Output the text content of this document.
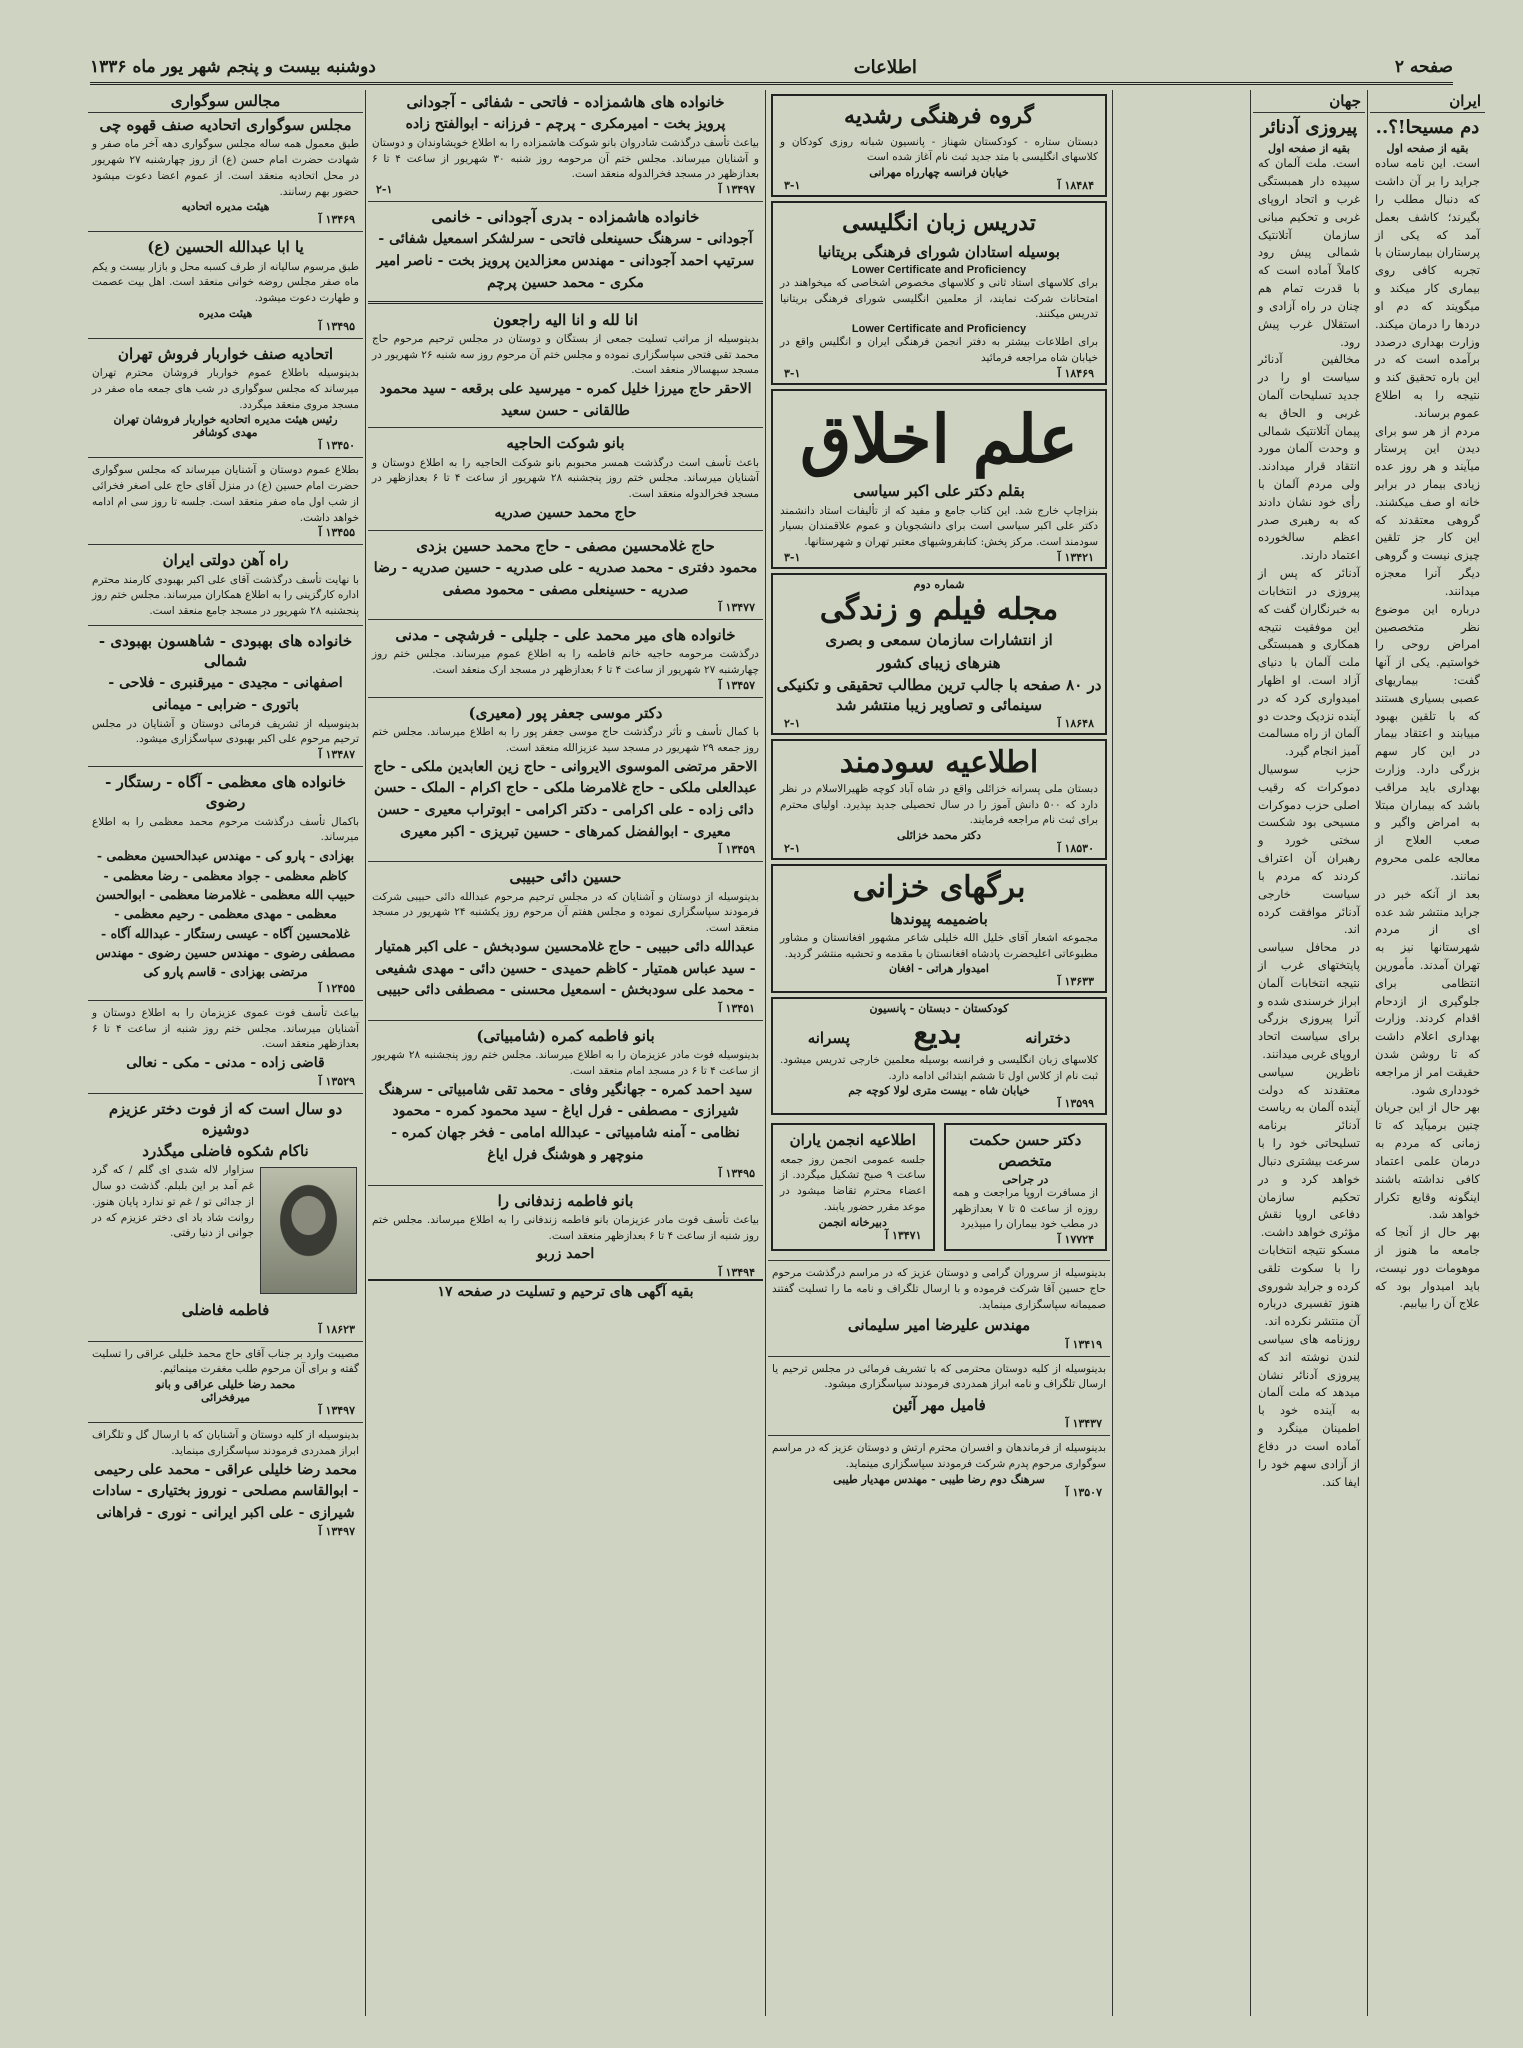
صفحه ۲
اطلاعات
دوشنبه بیست و پنجم شهر یور ماه ۱۳۳۶
ایران
دم مسیحا!؟..
بقیه از صفحه اول
است. این نامه ساده جراید را بر آن داشت که دنبال مطلب را بگیرند؛ کاشف بعمل آمد که یکی از پرستاران بیمارستان با تجربه کافی روی بیماری کار میکند و میگویند که دم او دردها را درمان میکند. وزارت بهداری درصدد برآمده است که در این باره تحقیق کند و نتیجه را به اطلاع عموم برساند.
مردم از هر سو برای دیدن این پرستار میآیند و هر روز عده زیادی بیمار در برابر خانه او صف میکشند. گروهی معتقدند که این کار جز تلقین چیزی نیست و گروهی دیگر آنرا معجزه میدانند.
درباره این موضوع نظر متخصصین امراض روحی را خواستیم. یکی از آنها گفت: بیماریهای عصبی بسیاری هستند که با تلقین بهبود مییابند و اعتقاد بیمار در این کار سهم بزرگی دارد. وزارت بهداری باید مراقب باشد که بیماران مبتلا به امراض واگیر و صعب العلاج از معالجه علمی محروم نمانند.
بعد از آنکه خبر در جراید منتشر شد عده ای از مردم شهرستانها نیز به تهران آمدند. مأمورین انتظامی برای جلوگیری از ازدحام اقدام کردند. وزارت بهداری اعلام داشت که تا روشن شدن حقیقت امر از مراجعه خودداری شود.
بهر حال از این جریان چنین برمیآید که تا زمانی که مردم به درمان علمی اعتماد کافی نداشته باشند اینگونه وقایع تکرار خواهد شد.
بهر حال از آنجا که جامعه ما هنوز از موهومات دور نیست، باید امیدوار بود که علاج آن را بیابیم.
جهان
پیروزی آدنائر
بقیه از صفحه اول
است. ملت آلمان که سپیده دار همبستگی غرب و اتحاد اروپای غربی و تحکیم مبانی سازمان آتلانتیک شمالی پیش رود کاملاً آماده است که با قدرت تمام هم چنان در راه آزادی و استقلال غرب پیش رود.
مخالفین آدنائر سیاست او را در جدید تسلیحات آلمان غربی و الحاق به پیمان آتلانتیک شمالی و وحدت آلمان مورد انتقاد قرار میدادند. ولی مردم آلمان با رأی خود نشان دادند که به رهبری صدر اعظم سالخورده اعتماد دارند.
آدنائر که پس از پیروزی در انتخابات به خبرنگاران گفت که این موفقیت نتیجه همکاری و همبستگی ملت آلمان با دنیای آزاد است. او اظهار امیدواری کرد که در آینده نزدیک وحدت دو آلمان از راه مسالمت آمیز انجام گیرد.
حزب سوسیال دموکرات که رقیب اصلی حزب دموکرات مسیحی بود شکست سختی خورد و رهبران آن اعتراف کردند که مردم با سیاست خارجی آدنائر موافقت کرده اند.
در محافل سیاسی پایتختهای غرب از نتیجه انتخابات آلمان ابراز خرسندی شده و آنرا پیروزی بزرگی برای سیاست اتحاد اروپای غربی میدانند.
ناظرین سیاسی معتقدند که دولت آینده آلمان به ریاست آدنائر برنامه تسلیحاتی خود را با سرعت بیشتری دنبال خواهد کرد و در تحکیم سازمان دفاعی اروپا نقش مؤثری خواهد داشت.
مسکو نتیجه انتخابات را با سکوت تلقی کرده و جراید شوروی هنوز تفسیری درباره آن منتشر نکرده اند.
روزنامه های سیاسی لندن نوشته اند که پیروزی آدنائر نشان میدهد که ملت آلمان به آینده خود با اطمینان مینگرد و آماده است در دفاع از آزادی سهم خود را ایفا کند.
گروه فرهنگی رشدیه
دبستان ستاره - کودکستان شهناز - پانسیون شبانه روزی کودکان و کلاسهای انگلیسی با متد جدید ثبت نام آغاز شده است
خیابان فرانسه چهارراه مهرانی
۱۸۴۸۴ آ
۳-۱
تدریس زبان انگلیسی
بوسیله استادان شورای فرهنگی بریتانیا
Lower Certificate and Proficiency
برای کلاسهای استاد ثانی و کلاسهای مخصوص اشخاصی که میخواهند در امتحانات شرکت نمایند، از معلمین انگلیسی شورای فرهنگی بریتانیا تدریس میکنند.
Lower Certificate and Proficiency
برای اطلاعات بیشتر به دفتر انجمن فرهنگی ایران و انگلیس واقع در خیابان شاه مراجعه فرمائید
۱۸۴۶۹ آ
۳-۱
علم اخلاق
بقلم دکتر علی اکبر سیاسی
بنزاچاپ خارج شد. این کتاب جامع و مفید که از تألیفات استاد دانشمند دکتر علی اکبر سیاسی است برای دانشجویان و عموم علاقمندان بسیار سودمند است. مرکز پخش: کتابفروشیهای معتبر تهران و شهرستانها.
۱۳۴۲۱ آ
۳-۱
شماره دوم
مجله فیلم و زندگی
از انتشارات سازمان سمعی و بصری
هنرهای زیبای کشور
در ۸۰ صفحه با جالب ترین مطالب تحقیقی و تکنیکی سینمائی و تصاویر زیبا منتشر شد
۱۸۶۴۸ آ
۲-۱
اطلاعیه سودمند
دبستان ملی پسرانه خزائلی واقع در شاه آباد کوچه ظهیرالاسلام در نظر دارد که ۵۰۰ دانش آموز را در سال تحصیلی جدید بپذیرد. اولیای محترم برای ثبت نام مراجعه فرمایند.
دکتر محمد خزائلی
۱۸۵۳۰ آ
۲-۱
برگهای خزانی
باضمیمه پیوندها
مجموعه اشعار آقای خلیل الله خلیلی شاعر مشهور افغانستان و مشاور مطبوعاتی اعلیحضرت پادشاه افغانستان با مقدمه و تحشیه منتشر گردید.
امیدوار هراتی - افغان
۱۳۶۳۳ آ
کودکستان - دبستان - پانسیون
دخترانه
بدیع
پسرانه
کلاسهای زبان انگلیسی و فرانسه بوسیله معلمین خارجی تدریس میشود. ثبت نام از کلاس اول تا ششم ابتدائی ادامه دارد.
خیابان شاه - بیست متری لولا کوچه جم
۱۳۵۹۹ آ
دکتر حسن حکمت متخصص
در جراحی
از مسافرت اروپا مراجعت و همه روزه از ساعت ۵ تا ۷ بعدازظهر در مطب خود بیماران را میپذیرد
۱۷۷۲۴ آ
اطلاعیه انجمن یاران
جلسه عمومی انجمن روز جمعه ساعت ۹ صبح تشکیل میگردد. از اعضاء محترم تقاضا میشود در موعد مقرر حضور یابند.
دبیرخانه انجمن
۱۳۴۷۱ آ
بدینوسیله از سروران گرامی و دوستان عزیز که در مراسم درگذشت مرحوم حاج حسین آقا شرکت فرموده و با ارسال تلگراف و نامه ما را تسلیت گفتند صمیمانه سپاسگزاری مینماید.
مهندس علیرضا امیر سلیمانی
۱۳۴۱۹ آ
بدینوسیله از کلیه دوستان محترمی که با تشریف فرمائی در مجلس ترحیم یا ارسال تلگراف و نامه ابراز همدردی فرمودند سپاسگزاری میشود.
فامیل مهر آئین
۱۳۴۳۷ آ
بدینوسیله از فرماندهان و افسران محترم ارتش و دوستان عزیز که در مراسم سوگواری مرحوم پدرم شرکت فرمودند سپاسگزاری مینماید.
سرهنگ دوم رضا طیبی - مهندس مهدیار طیبی
۱۳۵۰۷ آ
خانواده های هاشمزاده - فاتحی - شفائی - آجودانی
پرویز بخت - امیرمکری - پرچم - فرزانه - ابوالفتح زاده
بیاعث تأسف درگذشت شادروان بانو شوکت هاشمزاده را به اطلاع خویشاوندان و دوستان و آشنایان میرساند. مجلس ختم آن مرحومه روز شنبه ۳۰ شهریور از ساعت ۴ تا ۶ بعدازظهر در مسجد فخرالدوله منعقد است.
۱۳۴۹۷ آ
۲-۱
خانواده هاشمزاده - بدری آجودانی - خانمی
آجودانی - سرهنگ حسینعلی فاتحی - سرلشکر اسمعیل شفائی - سرتیپ احمد آجودانی - مهندس معزالدین پرویز بخت - ناصر امیر مکری - محمد حسین پرچم
انا لله و انا الیه راجعون
بدینوسیله از مراتب تسلیت جمعی از بستگان و دوستان در مجلس ترحیم مرحوم حاج محمد تقی فتحی سپاسگزاری نموده و مجلس ختم آن مرحوم روز سه شنبه ۲۶ شهریور در مسجد سپهسالار منعقد است.
الاحقر حاج میرزا خلیل کمره - میرسید علی برقعه - سید محمود طالقانی - حسن سعید
بانو شوکت الحاجیه
باعث تأسف است درگذشت همسر محبوبم بانو شوکت الحاجیه را به اطلاع دوستان و آشنایان میرساند. مجلس ختم روز پنجشنبه ۲۸ شهریور از ساعت ۴ تا ۶ بعدازظهر در مسجد فخرالدوله منعقد است.
حاج محمد حسین صدریه
حاج غلامحسین مصفی - حاج محمد حسین بزدی
محمود دفتری - محمد صدریه - علی صدریه - حسین صدریه - رضا صدریه - حسینعلی مصفی - محمود مصفی
۱۳۴۷۷ آ
خانواده های میر محمد علی - جلیلی - فرشچی - مدنی
درگذشت مرحومه حاجیه خانم فاطمه را به اطلاع عموم میرساند. مجلس ختم روز چهارشنبه ۲۷ شهریور از ساعت ۴ تا ۶ بعدازظهر در مسجد ارک منعقد است.
۱۳۴۵۷ آ
دکتر موسی جعفر پور (معیری)
با کمال تأسف و تأثر درگذشت حاج موسی جعفر پور را به اطلاع میرساند. مجلس ختم روز جمعه ۲۹ شهریور در مسجد سید عزیزالله منعقد است.
الاحقر مرتضی الموسوی الایروانی - حاج زین العابدین ملکی - حاج عبدالعلی ملکی - حاج غلامرضا ملکی - حاج اکرام - الملک - حسن دائی زاده - علی اکرامی - دکتر اکرامی - ابوتراب معیری - حسن معیری - ابوالفضل کمرهای - حسین تبریزی - اکبر معیری
۱۳۴۵۹ آ
حسین دائی حبیبی
بدینوسیله از دوستان و آشنایان که در مجلس ترحیم مرحوم عبدالله دائی حبیبی شرکت فرمودند سپاسگزاری نموده و مجلس هفتم آن مرحوم روز یکشنبه ۲۴ شهریور در مسجد منعقد است.
عبدالله دائی حبیبی - حاج غلامحسین سودبخش - علی اکبر همتیار - سید عباس همتیار - کاظم حمیدی - حسین دائی - مهدی شفیعی - محمد علی سودبخش - اسمعیل محسنی - مصطفی دائی حبیبی
۱۳۴۵۱ آ
بانو فاطمه کمره (شامبیاتی)
بدینوسیله فوت مادر عزیزمان را به اطلاع میرساند. مجلس ختم روز پنجشنبه ۲۸ شهریور از ساعت ۴ تا ۶ در مسجد امام منعقد است.
سید احمد کمره - جهانگیر وفای - محمد تقی شامبیاتی - سرهنگ شیرازی - مصطفی - فرل ایاغ - سید محمود کمره - محمود نظامی - آمنه شامبیاتی - عبدالله امامی - فخر جهان کمره - منوچهر و هوشنگ فرل ایاغ
۱۳۴۹۵ آ
بانو فاطمه زندفانی را
بیاعث تأسف فوت مادر عزیزمان بانو فاطمه زندفانی را به اطلاع میرساند. مجلس ختم روز شنبه از ساعت ۴ تا ۶ بعدازظهر منعقد است.
احمد زربو
۱۳۴۹۴ آ
بقیه آگهی های ترحیم و تسلیت در صفحه ۱۷
مجالس سوگواری
مجلس سوگواری اتحادیه صنف قهوه چی
طبق معمول همه ساله مجلس سوگواری دهه آخر ماه صفر و شهادت حضرت امام حسن (ع) از روز چهارشنبه ۲۷ شهریور در محل اتحادیه منعقد است. از عموم اعضا دعوت میشود حضور بهم رسانند.
هیئت مدیره اتحادیه
۱۳۴۶۹ آ
یا ابا عبدالله الحسین (ع)
طبق مرسوم سالیانه از طرف کسبه محل و بازار بیست و یکم ماه صفر مجلس روضه خوانی منعقد است. اهل بیت عصمت و طهارت دعوت میشود.
هیئت مدیره
۱۳۴۹۵ آ
اتحادیه صنف خواربار فروش تهران
بدینوسیله باطلاع عموم خواربار فروشان محترم تهران میرساند که مجلس سوگواری در شب های جمعه ماه صفر در مسجد مروی منعقد میگردد.
رئیس هیئت مدیره اتحادیه خواربار فروشان تهران
مهدی کوشافر
۱۳۴۵۰ آ
بطلاع عموم دوستان و آشنایان میرساند که مجلس سوگواری حضرت امام حسین (ع) در منزل آقای حاج علی اصغر فخرائی از شب اول ماه صفر منعقد است. جلسه تا روز سی ام ادامه خواهد داشت.
۱۳۴۵۵ آ
راه آهن دولتی ایران
با نهایت تأسف درگذشت آقای علی اکبر بهبودی کارمند محترم اداره کارگزینی را به اطلاع همکاران میرساند. مجلس ختم روز پنجشنبه ۲۸ شهریور در مسجد جامع منعقد است.
خانواده های بهبودی - شاهسون بهبودی - شمالی
اصفهانی - مجیدی - میرقنبری - فلاحی - باتوری - ضرابی - میمانی
بدینوسیله از تشریف فرمائی دوستان و آشنایان در مجلس ترحیم مرحوم علی اکبر بهبودی سپاسگزاری میشود.
۱۳۴۸۷ آ
خانواده های معظمی - آگاه - رستگار - رضوی
باکمال تأسف درگذشت مرحوم محمد معظمی را به اطلاع میرساند.
بهزادی - پارو کی - مهندس عبدالحسین معظمی - کاظم معظمی - جواد معظمی - رضا معظمی - حبیب الله معظمی - غلامرضا معظمی - ابوالحسن معظمی - مهدی معظمی - رحیم معظمی - غلامحسین آگاه - عیسی رستگار - عبدالله آگاه - مصطفی رضوی - مهندس حسین رضوی - مهندس مرتضی بهزادی - قاسم پارو کی
۱۲۴۵۵ آ
بیاعث تأسف فوت عموی عزیزمان را به اطلاع دوستان و آشنایان میرساند. مجلس ختم روز شنبه از ساعت ۴ تا ۶ بعدازظهر منعقد است.
قاضی زاده - مدنی - مکی - نعالی
۱۳۵۲۹ آ
دو سال است که از فوت دختر عزیزم دوشیزه
ناکام شکوه فاضلی میگذرد
سزاوار لاله شدی ای گلم / که گرد غم آمد بر این بلبلم. گذشت دو سال از جدائی تو / غم تو ندارد پایان هنوز. روانت شاد باد ای دختر عزیزم که در جوانی از دنیا رفتی.
فاطمه فاضلی
۱۸۶۲۳ آ
مصیبت وارد بر جناب آقای حاج محمد خلیلی عراقی را تسلیت گفته و برای آن مرحوم طلب مغفرت مینمائیم.
محمد رضا خلیلی عراقی و بانو
میرفخرائی
۱۳۴۹۷ آ
بدینوسیله از کلیه دوستان و آشنایان که با ارسال گل و تلگراف ابراز همدردی فرمودند سپاسگزاری مینماید.
محمد رضا خلیلی عراقی - محمد علی رحیمی - ابوالقاسم مصلحی - نوروز بختیاری - سادات شیرازی - علی اکبر ایرانی - نوری - فراهانی
۱۳۴۹۷ آ
